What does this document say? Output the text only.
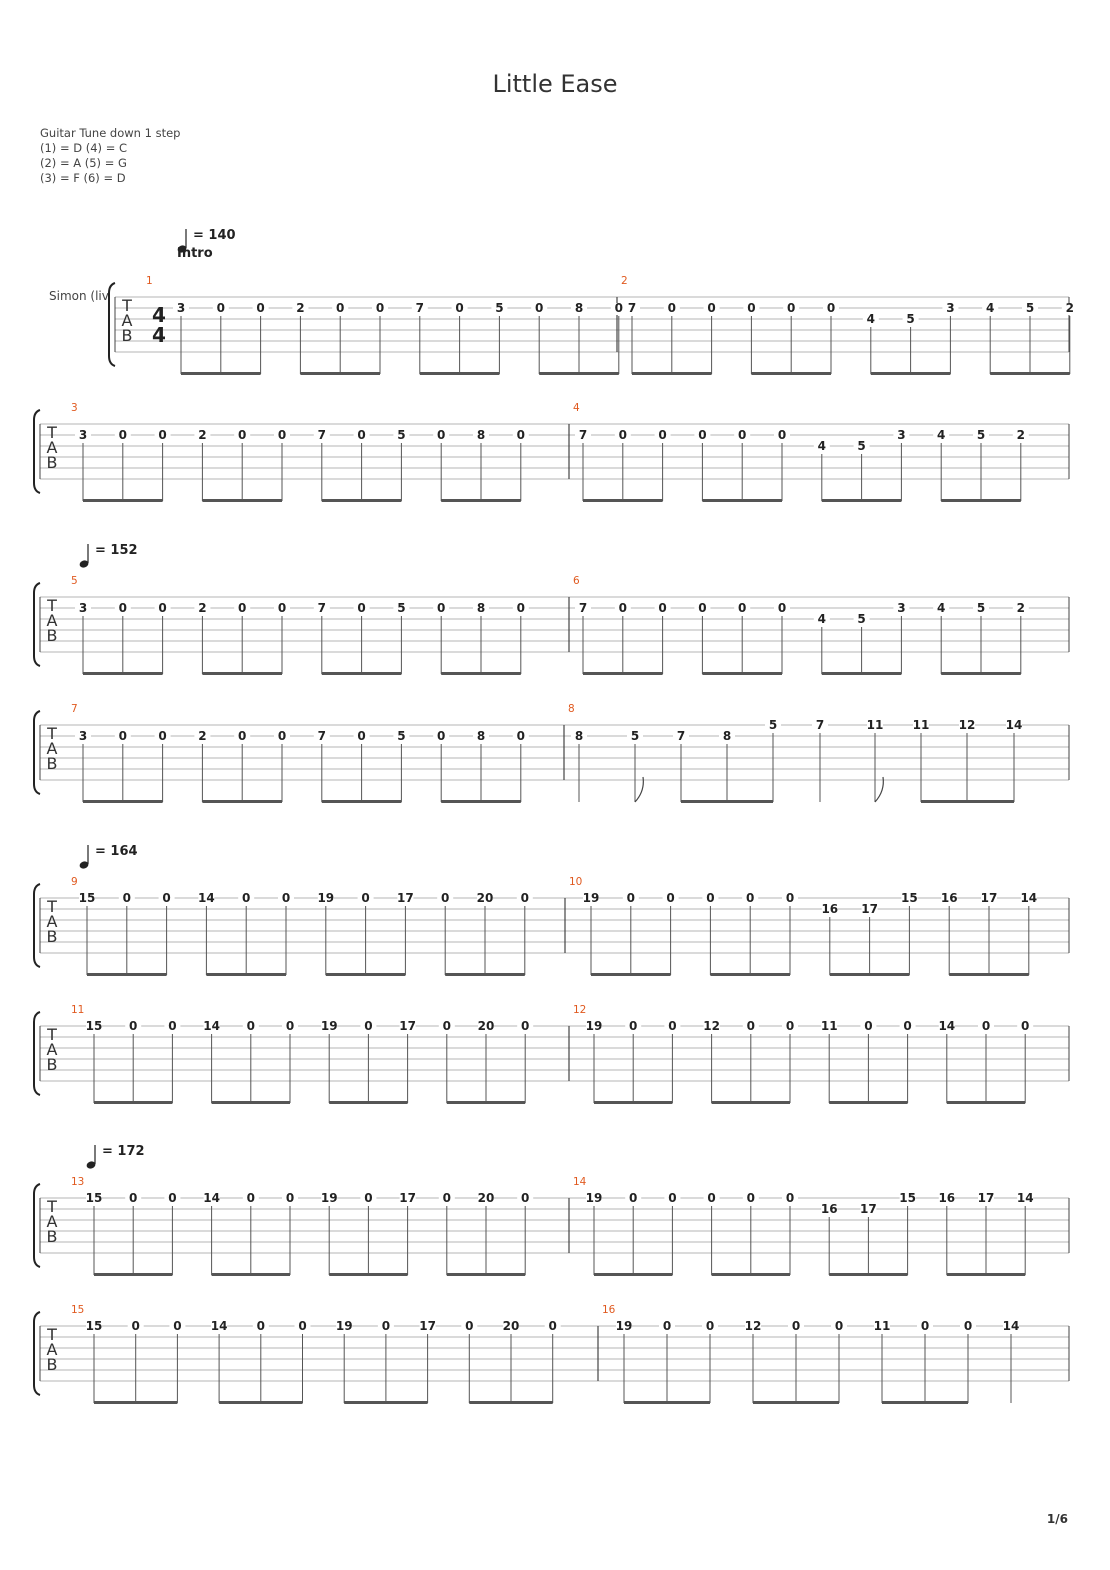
Little Ease
Guitar Tune down 1 step
(1) = D (4) = C
(2) = A (5) = G
(3) = F (6) = D
Simon (liv T
A
B
4
4
1
3	0	0	2	0	0	7	0	5	0	8	0
2
7	0	0	0	0	0
4	5
3	4	5	2
T
A
B
3
3	0	0	2	0	0	7	0	5	0	8	0
4
7	0	0	0	0	0
4	5
3	4	5	2
T
A
B
5
3	0	0	2	0	0	7	0	5	0	8	0
6
7	0	0	0	0	0
4	5
3	4	5	2
T
A
B
7
3	0	0	2	0	0	7	0	5	0	8	0
8
8	5	7	8
5	7	11 11 12	14
T
A
B
9
15 0	0 14 0	0 19 0 17 0 20 0
10
19 0	0	0	0	0
16 17
15 16 17 14
T
A
B
11
15 0	0 14 0	0 19 0 17 0 20 0
12
19 0	0 12 0	0 11 0	0 14 0	0
T
A
B
13
15 0	0 14 0	0 19 0 17 0 20 0
14
19 0	0	0	0	0
16 17
15 16 17 14
T
A
B
15
15 0	0 14 0	0 19 0 17 0 20 0
16
19	0	0	12	0	0	11	0	0	14
= 140
= 152
= 164
= 172
Intro
1/6
